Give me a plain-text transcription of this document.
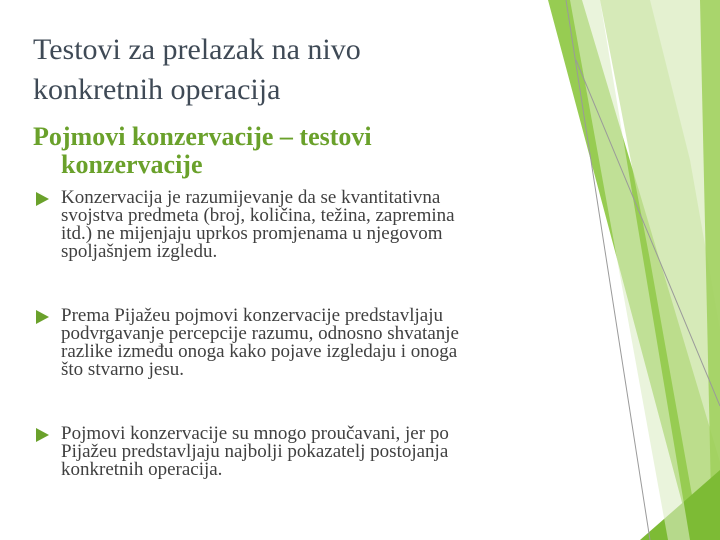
Testovi za prelazak na nivo
konkretnih operacija
Pojmovi konzervacije – testovi
konzervacije
Konzervacija je razumijevanje da se kvantitativna
svojstva predmeta (broj, količina, težina, zapremina
itd.) ne mijenjaju uprkos promjenama u njegovom
spoljašnjem izgledu.
Prema Pijažeu pojmovi konzervacije predstavljaju
podvrgavanje percepcije razumu, odnosno shvatanje
razlike između onoga kako pojave izgledaju i onoga
što stvarno jesu.
Pojmovi konzervacije su mnogo proučavani, jer po
Pijažeu predstavljaju najbolji pokazatelj postojanja
konkretnih operacija.
